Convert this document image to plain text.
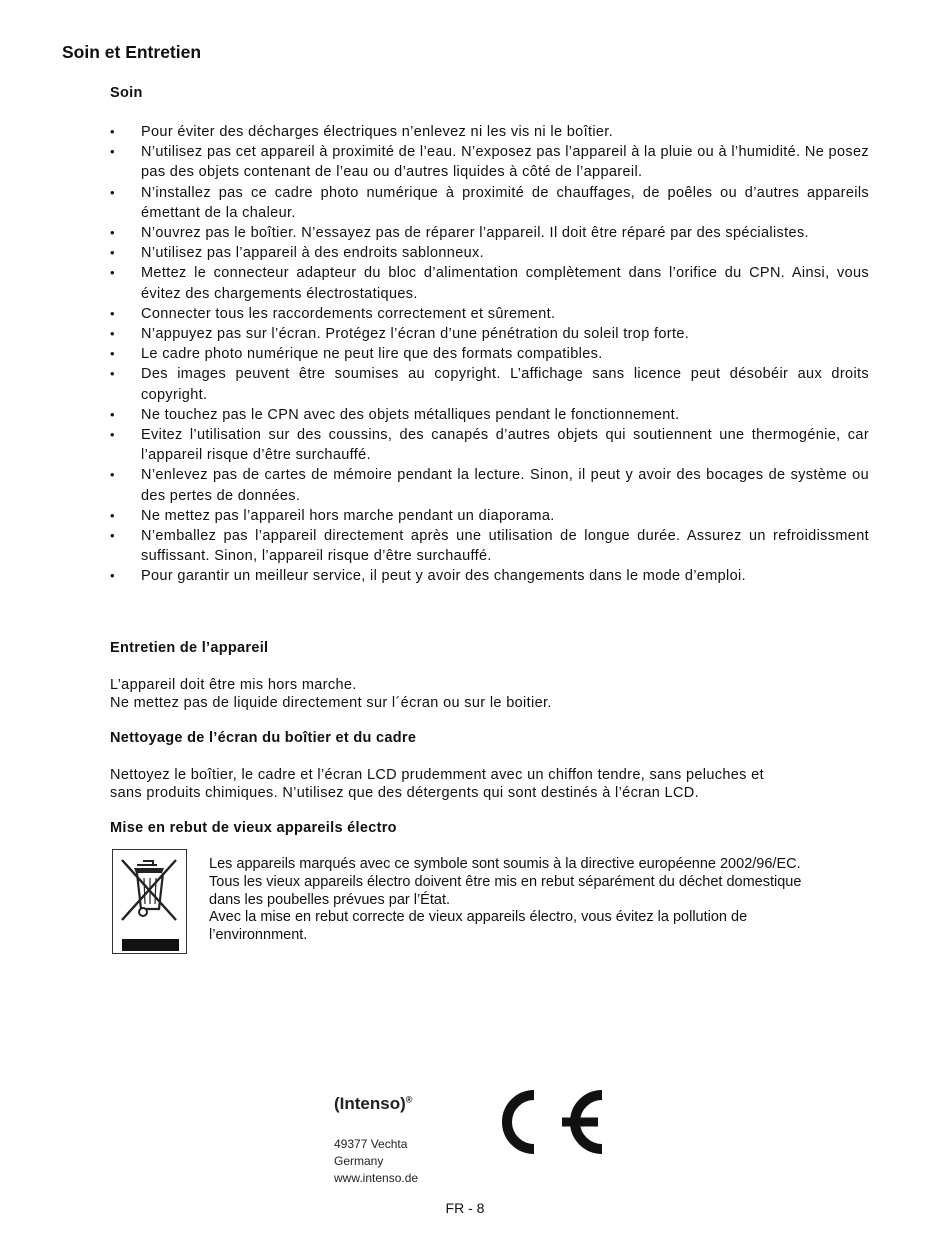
Soin et Entretien
Soin
• Pour éviter des décharges électriques n’enlevez ni les vis ni le boîtier.
• N’utilisez pas cet appareil à proximité de l’eau. N’exposez pas l’appareil à la pluie ou à l’humidité. Ne posez pas des objets contenant de l’eau ou d’autres liquides à côté de l’appareil.
• N’installez pas ce cadre photo numérique à proximité de chauffages, de poêles ou d’autres appareils émettant de la chaleur.
• N’ouvrez pas le boîtier. N’essayez pas de réparer l’appareil. Il doit être réparé par des spécialistes.
• N’utilisez pas l’appareil à des endroits sablonneux.
• Mettez le connecteur adapteur du bloc d’alimentation complètement dans l’orifice du CPN. Ainsi, vous évitez des chargements électrostatiques.
• Connecter tous les raccordements correctement et sûrement.
• N’appuyez pas sur l’écran. Protégez l’écran d’une pénétration du soleil trop forte.
• Le cadre photo numérique ne peut lire que des formats compatibles.
• Des images peuvent être soumises au copyright. L’affichage sans licence peut désobéir aux droits copyright.
• Ne touchez pas le CPN avec des objets métalliques pendant le fonctionnement.
• Evitez l’utilisation sur des coussins, des canapés d’autres objets qui soutiennent une thermogénie, car l’appareil risque d’être surchauffé.
• N’enlevez pas de cartes de mémoire pendant la lecture. Sinon, il peut y avoir des bocages de système ou des pertes de données.
• Ne mettez pas l’appareil hors marche pendant un diaporama.
• N’emballez pas l’appareil directement après une utilisation de longue durée. Assurez un refroidissment suffissant. Sinon, l’appareil risque d’être surchauffé.
• Pour garantir un meilleur service, il peut y avoir des changements dans le mode d’emploi.
Entretien de l’appareil

L’appareil doit être mis hors marche.
Ne mettez pas de liquide directement sur l´écran ou sur le boitier.

Nettoyage de l’écran du boîtier et du cadre

Nettoyez le boîtier, le cadre et l’écran LCD prudemment avec un chiffon tendre, sans peluches et
sans produits chimiques. N’utilisez que des détergents qui sont destinés à l’écran LCD.

Mise en rebut de vieux appareils électro

Les appareils marqués avec ce symbole sont soumis à la directive européenne 2002/96/EC.
Tous les vieux appareils électro doivent être mis en rebut séparément du déchet domestique
dans les poubelles prévues par l’État.
Avec la mise en rebut correcte de vieux appareils électro, vous évitez la pollution de
l’environnment.

(Intenso)®
49377 Vechta
Germany
www.intenso.de
FR - 8
